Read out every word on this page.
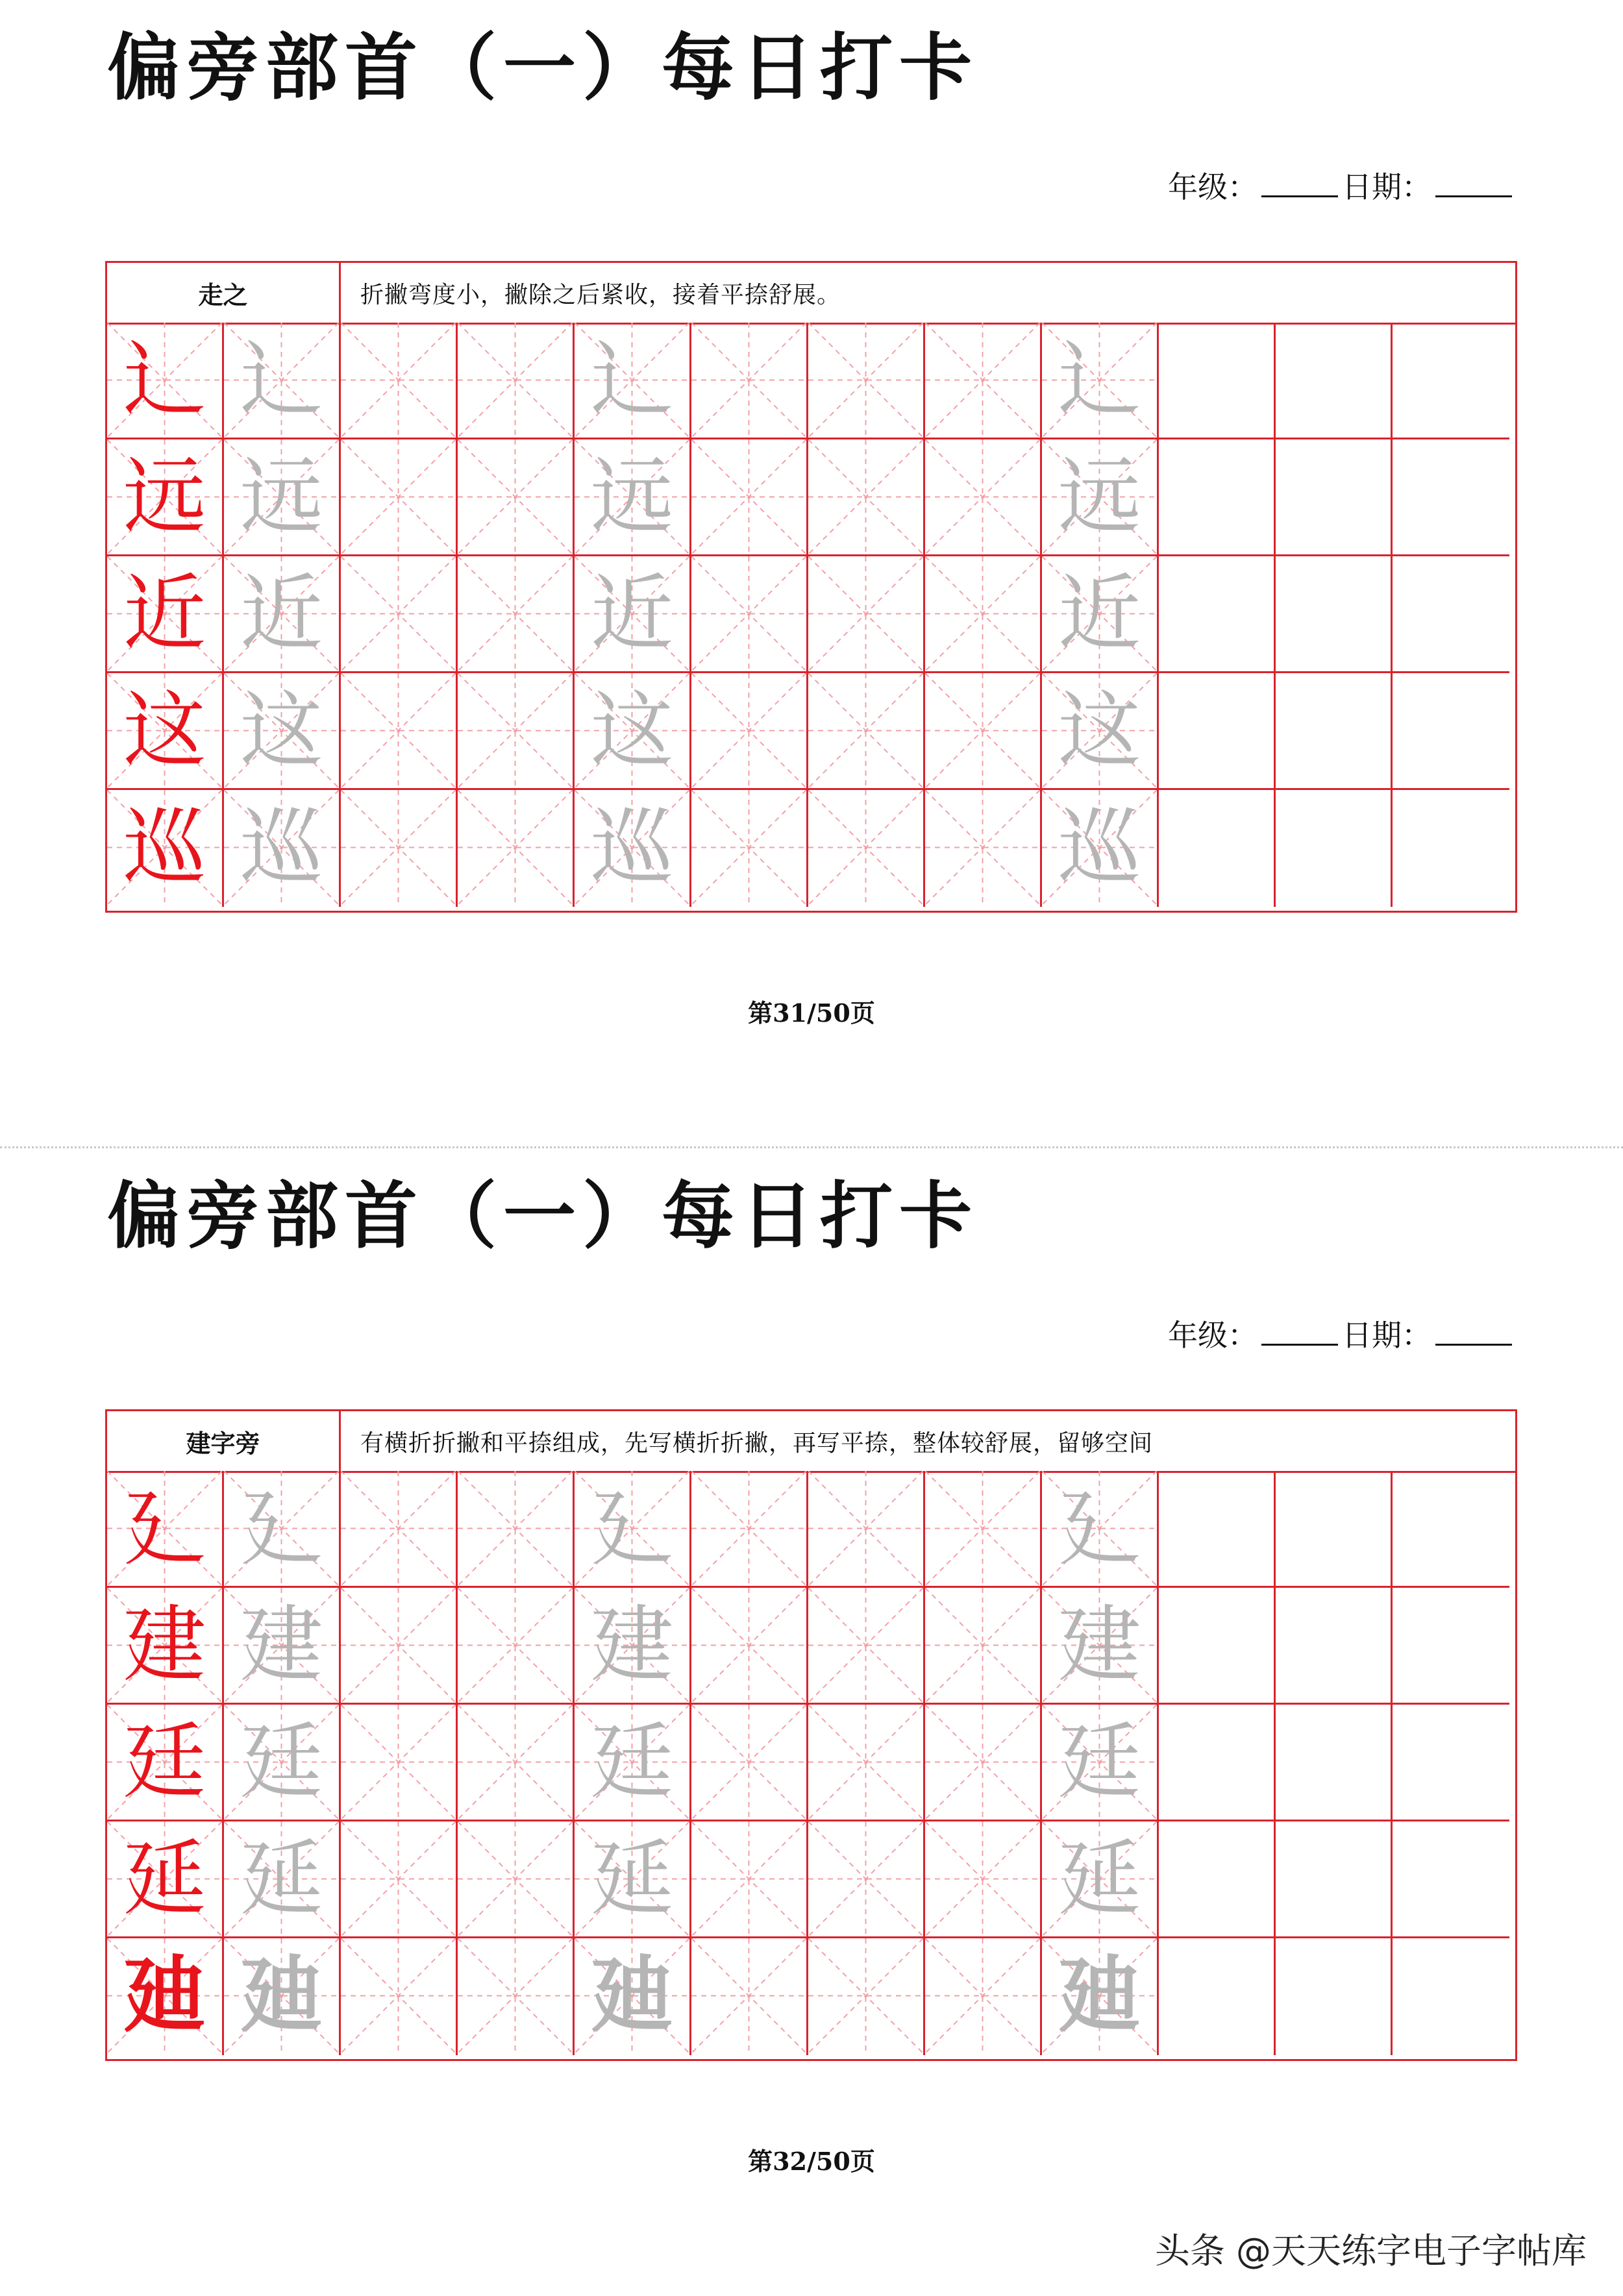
偏旁部首（一）每日打卡
年级：	日期：
走之	折撇弯度小，撇除之后紧收，接着平捺舒展。
辶 辶	辶	辶
远 远	远	远
近 近	近	近
这 这	这	这
巡 巡	巡	巡
第31/50页
偏旁部首（一）每日打卡
年级：	日期：
建字旁	有横折折撇和平捺组成，先写横折折撇，再写平捺，整体较舒展，留够空间
廴 廴	廴	廴
建 建	建	建
廷 廷	廷	廷
延 延	延	延
廸 廸	廸	廸
第32/50页
头条 @天天练字电子字帖库
